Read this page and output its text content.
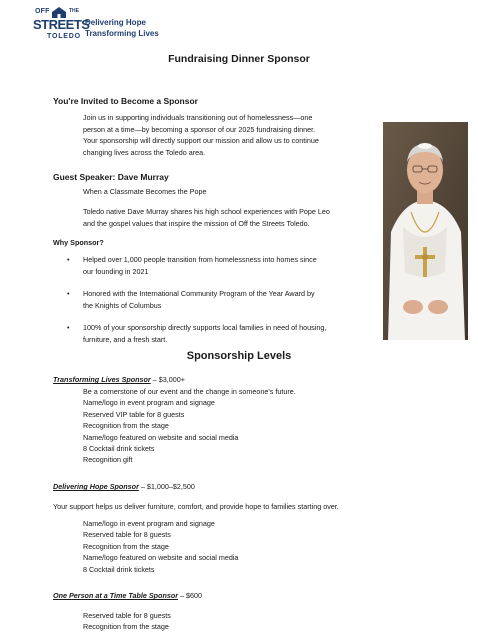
OFF	THE
STREETS
TOLEDO
Delivering Hope
Transforming Lives
Fundraising Dinner Sponsor
You're Invited to Become a Sponsor
Join us in supporting individuals transitioning out of homelessness—one
person at a time—by becoming a sponsor of our 2025 fundraising dinner.
Your sponsorship will directly support our mission and allow us to continue
changing lives across the Toledo area.
Guest Speaker: Dave Murray
When a Classmate Becomes the Pope
Toledo native Dave Murray shares his high school experiences with Pope Leo
and the gospel values that inspire the mission of Off the Streets Toledo.
Why Sponsor?
• Helped over 1,000 people transition from homelessness into homes since
our founding in 2021
• Honored with the International Community Program of the Year Award by
the Knights of Columbus
• 100% of your sponsorship directly supports local families in need of housing,
furniture, and a fresh start.
Sponsorship Levels
Transforming Lives Sponsor – $3,000+
Be a cornerstone of our event and the change in someone's future.
Name/logo in event program and signage
Reserved VIP table for 8 guests
Recognition from the stage
Name/logo featured on website and social media
8 Cocktail drink tickets
Recognition gift
Delivering Hope Sponsor – $1,000–$2,500
Your support helps us deliver furniture, comfort, and provide hope to families starting over.
Name/logo in event program and signage
Reserved table for 8 guests
Recognition from the stage
Name/logo featured on website and social media
8 Cocktail drink tickets
One Person at a Time Table Sponsor – $600
Reserved table for 8 guests
Recognition from the stage
